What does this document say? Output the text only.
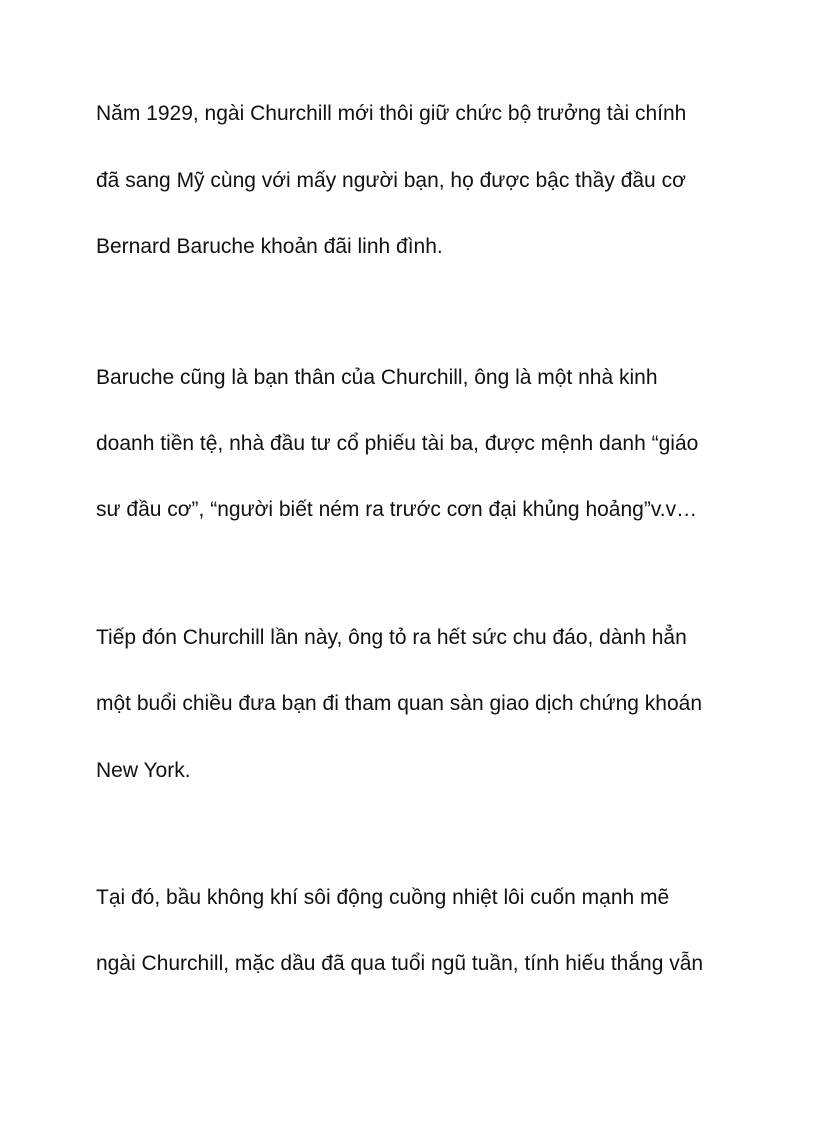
Năm 1929, ngài Churchill mới thôi giữ chức bộ trưởng tài chính
đã sang Mỹ cùng với mấy người bạn, họ được bậc thầy đầu cơ
Bernard Baruche khoản đãi linh đình.
Baruche cũng là bạn thân của Churchill, ông là một nhà kinh
doanh tiền tệ, nhà đầu tư cổ phiếu tài ba, được mệnh danh “giáo
sư đầu cơ”, “người biết ném ra trước cơn đại khủng hoảng”v.v…
Tiếp đón Churchill lần này, ông tỏ ra hết sức chu đáo, dành hẳn
một buổi chiều đưa bạn đi tham quan sàn giao dịch chứng khoán
New York.
Tại đó, bầu không khí sôi động cuồng nhiệt lôi cuốn mạnh mẽ
ngài Churchill, mặc dầu đã qua tuổi ngũ tuần, tính hiếu thắng vẫn
